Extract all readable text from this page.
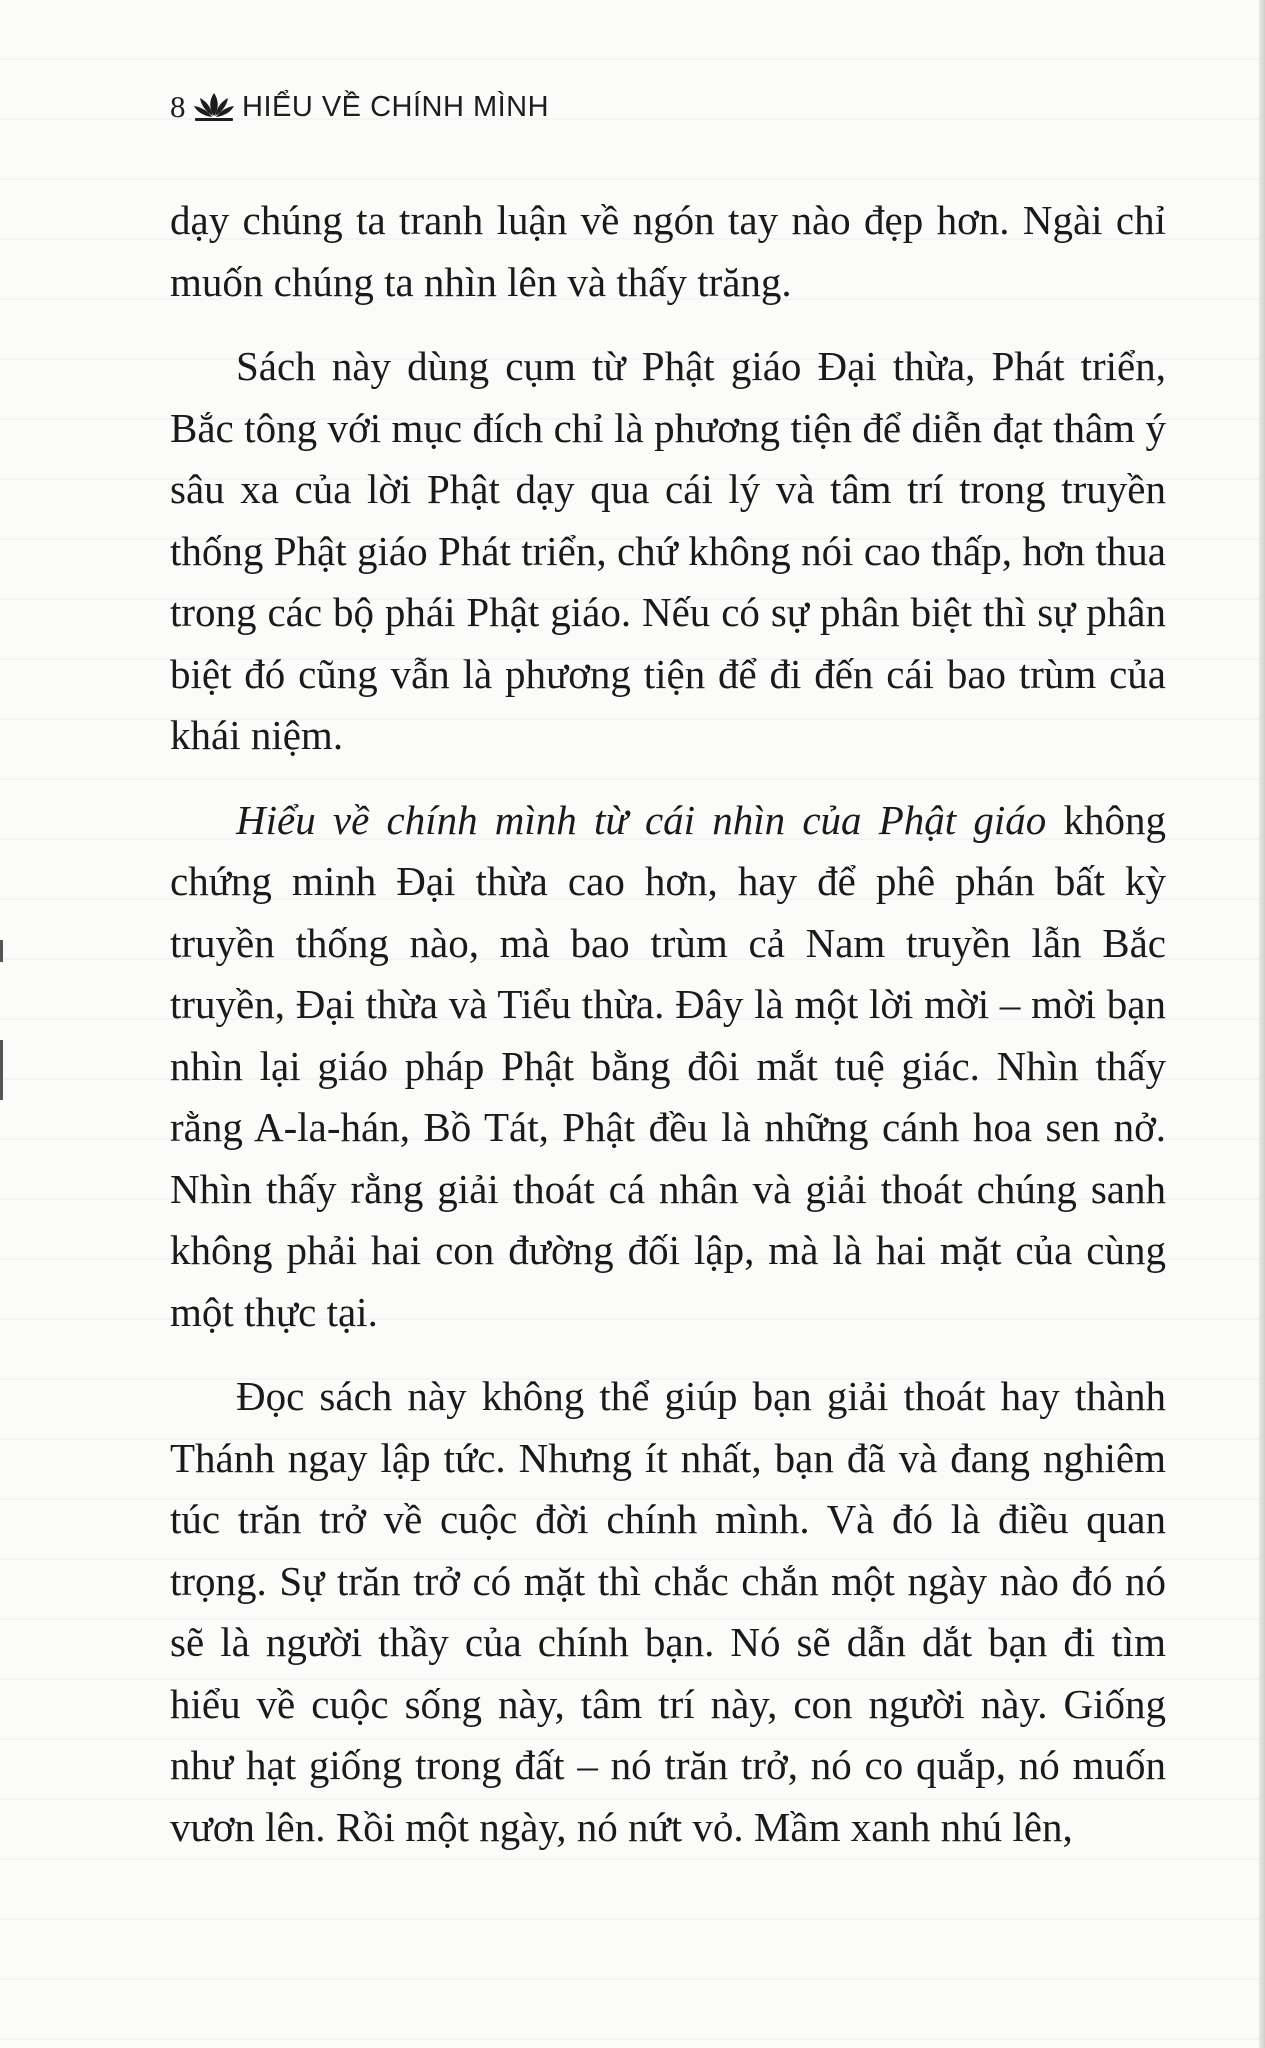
8 HIỂU VỀ CHÍNH MÌNH

dạy chúng ta tranh luận về ngón tay nào đẹp hơn. Ngài chỉ muốn chúng ta nhìn lên và thấy trăng.

Sách này dùng cụm từ Phật giáo Đại thừa, Phát triển, Bắc tông với mục đích chỉ là phương tiện để diễn đạt thâm ý sâu xa của lời Phật dạy qua cái lý và tâm trí trong truyền thống Phật giáo Phát triển, chứ không nói cao thấp, hơn thua trong các bộ phái Phật giáo. Nếu có sự phân biệt thì sự phân biệt đó cũng vẫn là phương tiện để đi đến cái bao trùm của khái niệm.

Hiểu về chính mình từ cái nhìn của Phật giáo không chứng minh Đại thừa cao hơn, hay để phê phán bất kỳ truyền thống nào, mà bao trùm cả Nam truyền lẫn Bắc truyền, Đại thừa và Tiểu thừa. Đây là một lời mời – mời bạn nhìn lại giáo pháp Phật bằng đôi mắt tuệ giác. Nhìn thấy rằng A-la-hán, Bồ Tát, Phật đều là những cánh hoa sen nở. Nhìn thấy rằng giải thoát cá nhân và giải thoát chúng sanh không phải hai con đường đối lập, mà là hai mặt của cùng một thực tại.

Đọc sách này không thể giúp bạn giải thoát hay thành Thánh ngay lập tức. Nhưng ít nhất, bạn đã và đang nghiêm túc trăn trở về cuộc đời chính mình. Và đó là điều quan trọng. Sự trăn trở có mặt thì chắc chắn một ngày nào đó nó sẽ là người thầy của chính bạn. Nó sẽ dẫn dắt bạn đi tìm hiểu về cuộc sống này, tâm trí này, con người này. Giống như hạt giống trong đất – nó trăn trở, nó co quắp, nó muốn vươn lên. Rồi một ngày, nó nứt vỏ. Mầm xanh nhú lên,
